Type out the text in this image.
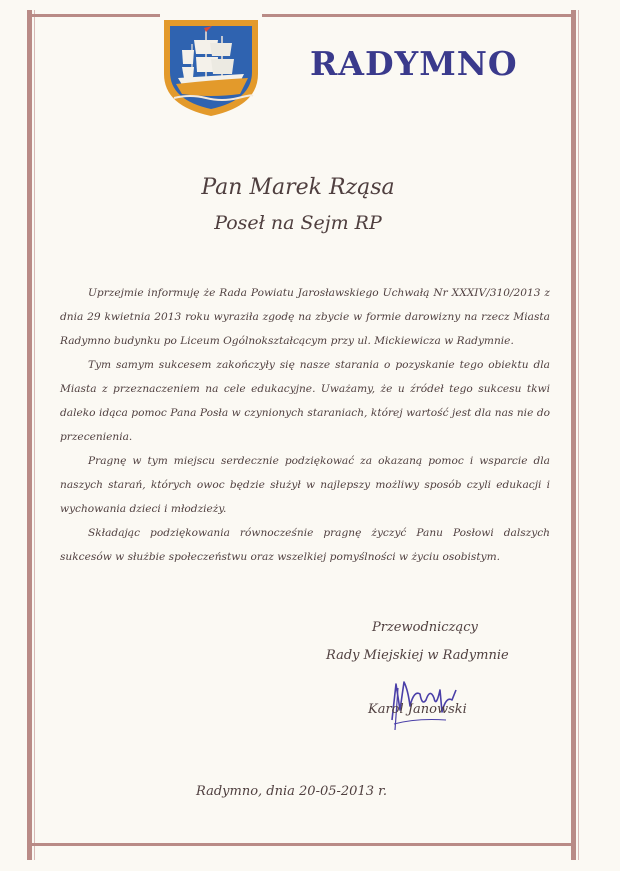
RADYMNO
Pan Marek Rząsa
Poseł na Sejm RP

Uprzejmie informuję że Rada Powiatu Jarosławskiego Uchwałą Nr XXXIV/310/2013 z dnia 29 kwietnia 2013 roku wyraziła zgodę na zbycie w formie darowizny na rzecz Miasta Radymno budynku po Liceum Ogólnokształcącym przy ul. Mickiewicza w Radymnie.

Tym samym sukcesem zakończyły się nasze starania o pozyskanie tego obiektu dla Miasta z przeznaczeniem na cele edukacyjne. Uważamy, że u źródeł tego sukcesu tkwi daleko idąca pomoc Pana Posła w czynionych staraniach, której wartość jest dla nas nie do przecenienia.

Pragnę w tym miejscu serdecznie podziękować za okazaną pomoc i wsparcie dla naszych starań, których owoc będzie służył w najlepszy możliwy sposób czyli edukacji i wychowania dzieci i młodzieży.

Składając podziękowania równocześnie pragnę życzyć Panu Posłowi dalszych sukcesów w służbie społeczeństwu oraz wszelkiej pomyślności w życiu osobistym.

Przewodniczący
Rady Miejskiej w Radymnie
Karol Janowski
Radymno, dnia 20-05-2013 r.
